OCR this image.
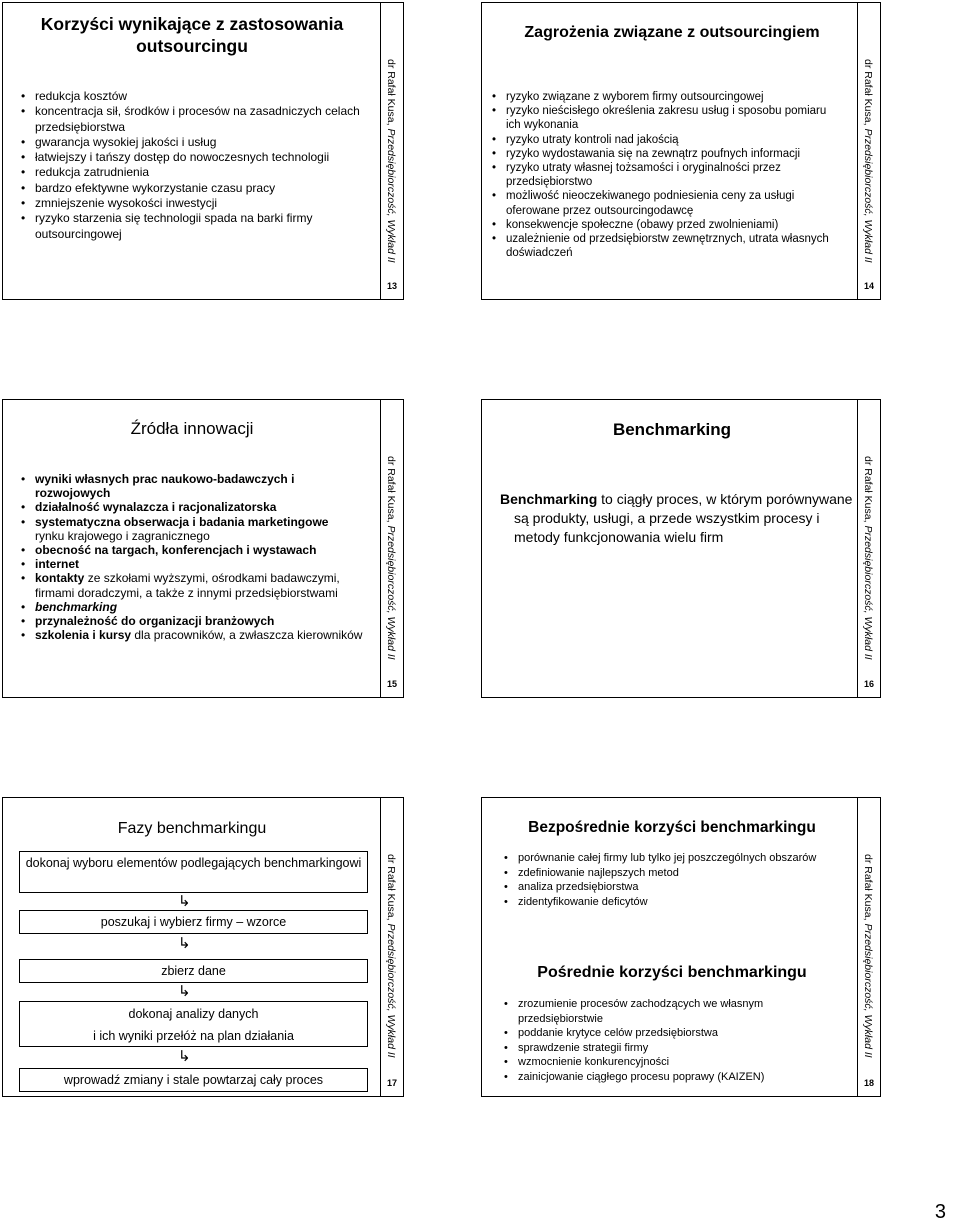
Korzyści wynikające z zastosowania outsourcingu
• redukcja kosztów
• koncentracja sił, środków i procesów na zasadniczych celach przedsiębiorstwa
• gwarancja wysokiej jakości i usług
• łatwiejszy i tańszy dostęp do nowoczesnych technologii
• redukcja zatrudnienia
• bardzo efektywne wykorzystanie czasu pracy
• zmniejszenie wysokości inwestycji
• ryzyko starzenia się technologii spada na barki firmy outsourcingowej
dr Rafał Kusa, Przedsiębiorczość, Wykład II
13
Zagrożenia związane z outsourcingiem
• ryzyko związane z wyborem firmy outsourcingowej
• ryzyko nieścisłego określenia zakresu usług i sposobu pomiaru ich wykonania
• ryzyko utraty kontroli nad jakością
• ryzyko wydostawania się na zewnątrz poufnych informacji
• ryzyko utraty własnej tożsamości i oryginalności przez przedsiębiorstwo
• możliwość nieoczekiwanego podniesienia ceny za usługi oferowane przez outsourcingodawcę
• konsekwencje społeczne (obawy przed zwolnieniami)
• uzależnienie od przedsiębiorstw zewnętrznych, utrata własnych doświadczeń
dr Rafał Kusa, Przedsiębiorczość, Wykład II
14
Źródła innowacji
• wyniki własnych prac naukowo-badawczych i rozwojowych
• działalność wynalazcza i racjonalizatorska
• systematyczna obserwacja i badania marketingowe
rynku krajowego i zagranicznego
• obecność na targach, konferencjach i wystawach
• internet
• kontakty ze szkołami wyższymi, ośrodkami badawczymi, firmami doradczymi, a także z innymi przedsiębiorstwami
• benchmarking
• przynależność do organizacji branżowych
• szkolenia i kursy dla pracowników, a zwłaszcza kierowników
dr Rafał Kusa, Przedsiębiorczość, Wykład II
15
Benchmarking
Benchmarking to ciągły proces, w którym porównywane są produkty, usługi, a przede wszystkim procesy i metody funkcjonowania wielu firm
dr Rafał Kusa, Przedsiębiorczość, Wykład II
16
Fazy benchmarkingu
dokonaj wyboru elementów podlegających benchmarkingowi
↳
poszukaj i wybierz firmy – wzorce
↳
zbierz dane
↳
dokonaj analizy danych
i ich wyniki przełóż na plan działania
↳
wprowadź zmiany i stale powtarzaj cały proces
dr Rafał Kusa, Przedsiębiorczość, Wykład II
17
Bezpośrednie korzyści benchmarkingu
• porównanie całej firmy lub tylko jej poszczególnych obszarów
• zdefiniowanie najlepszych metod
• analiza przedsiębiorstwa
• zidentyfikowanie deficytów
Pośrednie korzyści benchmarkingu
• zrozumienie procesów zachodzących we własnym przedsiębiorstwie
• poddanie krytyce celów przedsiębiorstwa
• sprawdzenie strategii firmy
• wzmocnienie konkurencyjności
• zainicjowanie ciągłego procesu poprawy (KAIZEN)
dr Rafał Kusa, Przedsiębiorczość, Wykład II
18
3
